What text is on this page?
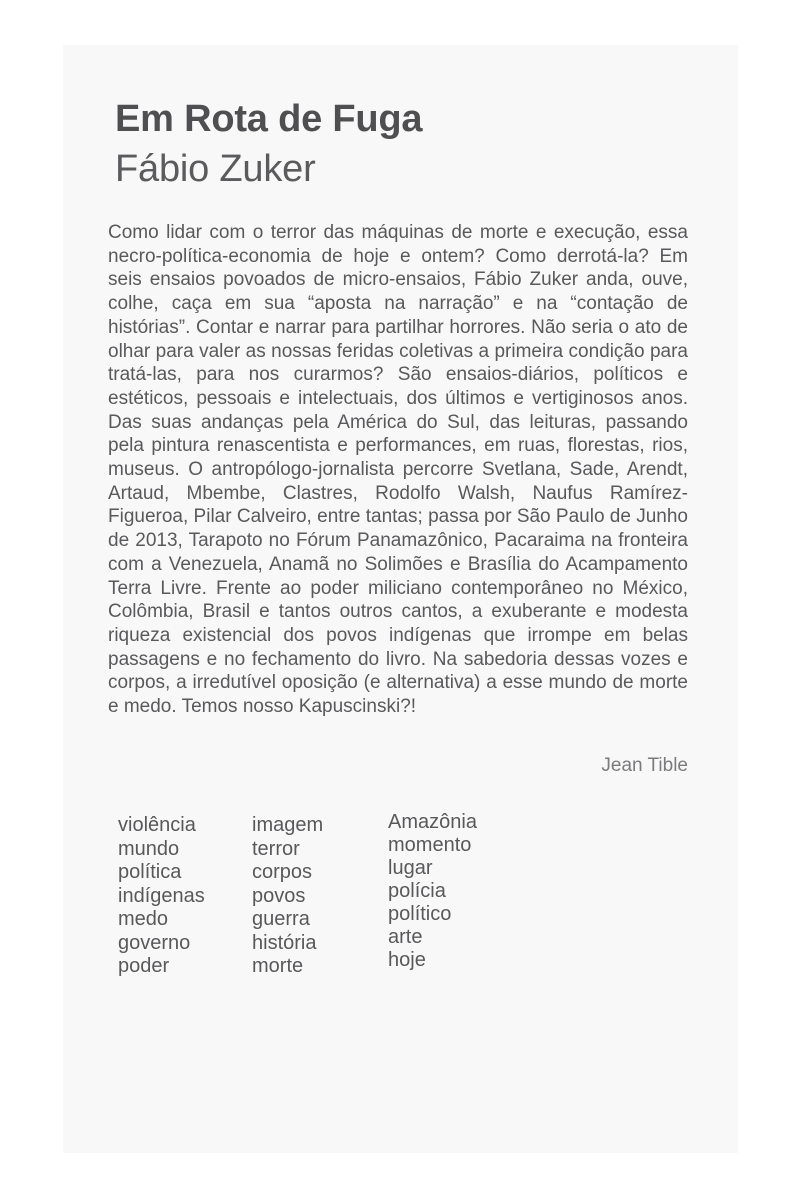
Em Rota de Fuga
Fábio Zuker

Como lidar com o terror das máquinas de morte e execução, essa necro-política-economia de hoje e ontem? Como derrotá-la? Em seis ensaios povoados de micro-ensaios, Fábio Zuker anda, ouve, colhe, caça em sua “aposta na narração” e na “contação de histórias”. Contar e narrar para partilhar horrores. Não seria o ato de olhar para valer as nossas feridas coletivas a primeira condição para tratá-las, para nos curarmos? São ensaios-diários, políticos e estéticos, pessoais e intelectuais, dos últimos e vertiginosos anos. Das suas andanças pela América do Sul, das leituras, passando pela pintura renascentista e performances, em ruas, florestas, rios, museus. O antropólogo-jornalista percorre Svetlana, Sade, Arendt, Artaud, Mbembe, Clastres, Rodolfo Walsh, Naufus Ramírez-Figueroa, Pilar Calveiro, entre tantas; passa por São Paulo de Junho de 2013, Tarapoto no Fórum Panamazônico, Pacaraima na fronteira com a Venezuela, Anamã no Solimões e Brasília do Acampamento Terra Livre. Frente ao poder miliciano contemporâneo no México, Colômbia, Brasil e tantos outros cantos, a exuberante e modesta riqueza existencial dos povos indígenas que irrompe em belas passagens e no fechamento do livro. Na sabedoria dessas vozes e corpos, a irredutível oposição (e alternativa) a esse mundo de morte e medo. Temos nosso Kapuscinski?!

Jean Tible
violência
mundo
política
indígenas
medo
governo
poder
imagem
terror
corpos
povos
guerra
história
morte
Amazônia
momento
lugar
polícia
político
arte
hoje
